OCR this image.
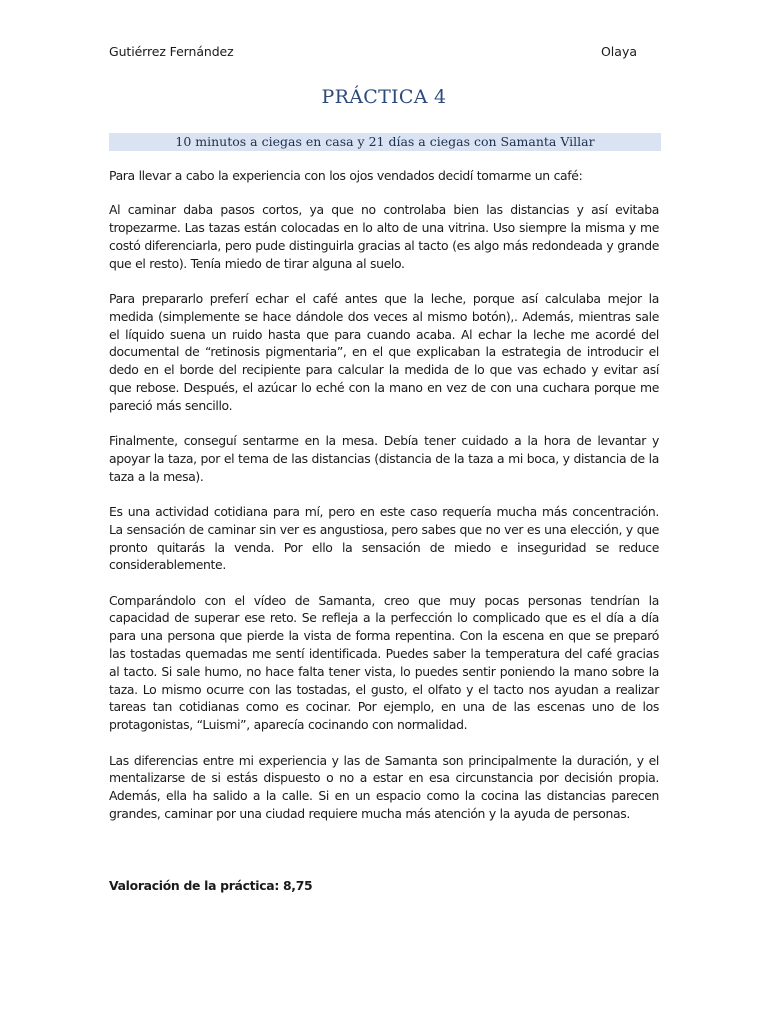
Gutiérrez Fernández	Olaya
PRÁCTICA 4
10 minutos a ciegas en casa y 21 días a ciegas con Samanta Villar

Para llevar a cabo la experiencia con los ojos vendados decidí tomarme un café:

Al caminar daba pasos cortos, ya que no controlaba bien las distancias y así evitaba tropezarme. Las tazas están colocadas en lo alto de una vitrina. Uso siempre la misma y me costó diferenciarla, pero pude distinguirla gracias al tacto (es algo más redondeada y grande que el resto). Tenía miedo de tirar alguna al suelo.

Para prepararlo preferí echar el café antes que la leche, porque así calculaba mejor la medida (simplemente se hace dándole dos veces al mismo botón),. Además, mientras sale el líquido suena un ruido hasta que para cuando acaba. Al echar la leche me acordé del documental de “retinosis pigmentaria”, en el que explicaban la estrategia de introducir el dedo en el borde del recipiente para calcular la medida de lo que vas echado y evitar así que rebose. Después, el azúcar lo eché con la mano en vez de con una cuchara porque me pareció más sencillo.

Finalmente, conseguí sentarme en la mesa. Debía tener cuidado a la hora de levantar y apoyar la taza, por el tema de las distancias (distancia de la taza a mi boca, y distancia de la taza a la mesa).

Es una actividad cotidiana para mí, pero en este caso requería mucha más concentración. La sensación de caminar sin ver es angustiosa, pero sabes que no ver es una elección, y que pronto quitarás la venda. Por ello la sensación de miedo e inseguridad se reduce considerablemente.

Comparándolo con el vídeo de Samanta, creo que muy pocas personas tendrían la capacidad de superar ese reto. Se refleja a la perfección lo complicado que es el día a día para una persona que pierde la vista de forma repentina. Con la escena en que se preparó las tostadas quemadas me sentí identificada. Puedes saber la temperatura del café gracias al tacto. Si sale humo, no hace falta tener vista, lo puedes sentir poniendo la mano sobre la taza. Lo mismo ocurre con las tostadas, el gusto, el olfato y el tacto nos ayudan a realizar tareas tan cotidianas como es cocinar. Por ejemplo, en una de las escenas uno de los protagonistas, “Luismi”, aparecía cocinando con normalidad.

Las diferencias entre mi experiencia y las de Samanta son principalmente la duración, y el mentalizarse de si estás dispuesto o no a estar en esa circunstancia por decisión propia. Además, ella ha salido a la calle. Si en un espacio como la cocina las distancias parecen grandes, caminar por una ciudad requiere mucha más atención y la ayuda de personas.

Valoración de la práctica: 8,75
